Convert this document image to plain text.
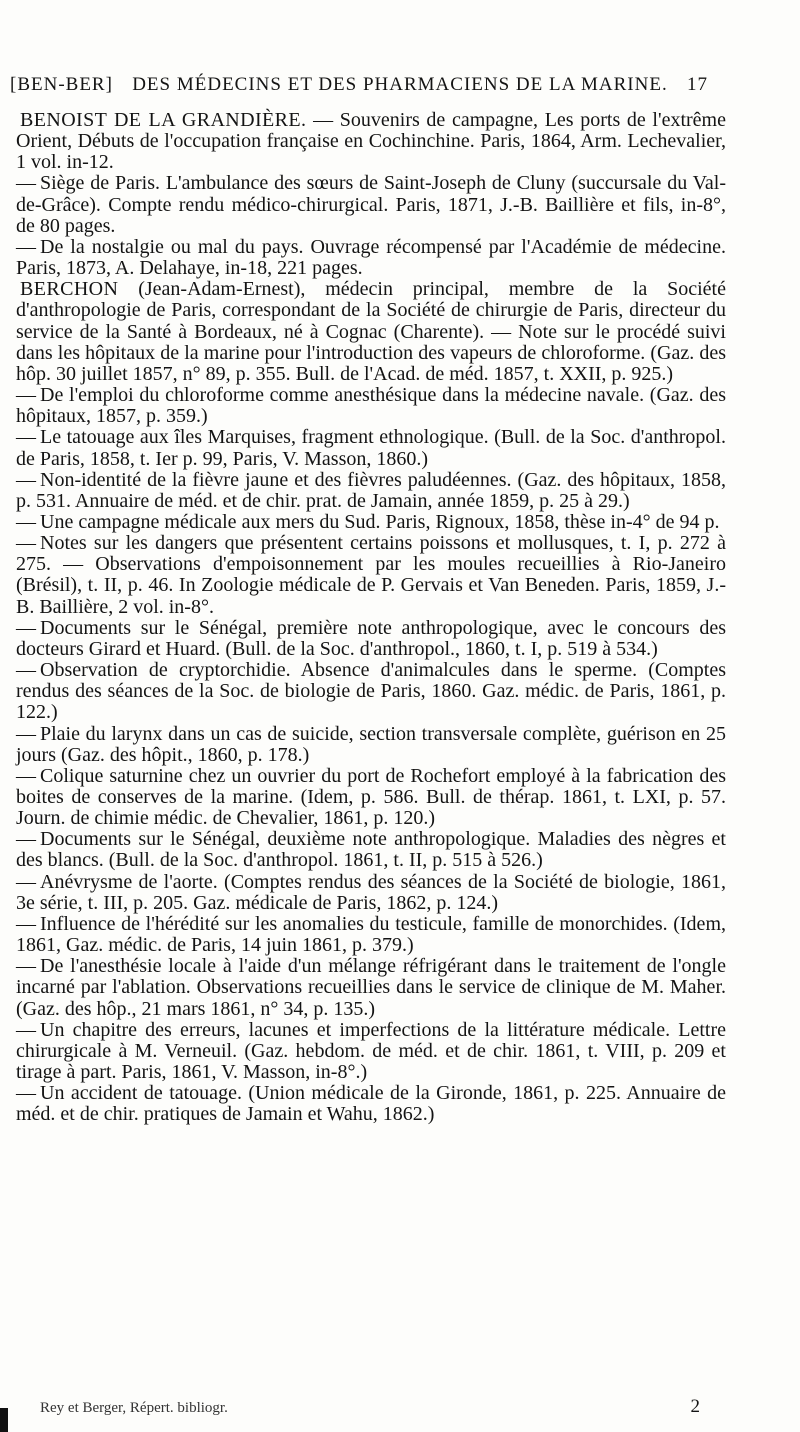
[BEN-BER]	DES MÉDECINS ET DES PHARMACIENS DE LA MARINE.	17

BENOIST DE LA GRANDIÈRE. — Souvenirs de campagne, Les ports de l'extrême Orient, Débuts de l'occupation française en Cochinchine. Paris, 1864, Arm. Lechevalier, 1 vol. in-12.

— Siège de Paris. L'ambulance des sœurs de Saint-Joseph de Cluny (succursale du Val-de-Grâce). Compte rendu médico-chirurgical. Paris, 1871, J.-B. Baillière et fils, in-8°, de 80 pages.

— De la nostalgie ou mal du pays. Ouvrage récompensé par l'Académie de médecine. Paris, 1873, A. Delahaye, in-18, 221 pages.

BERCHON (Jean-Adam-Ernest), médecin principal, membre de la Société d'anthropologie de Paris, correspondant de la Société de chirurgie de Paris, directeur du service de la Santé à Bordeaux, né à Cognac (Charente). — Note sur le procédé suivi dans les hôpitaux de la marine pour l'introduction des vapeurs de chloroforme. (Gaz. des hôp. 30 juillet 1857, n° 89, p. 355. Bull. de l'Acad. de méd. 1857, t. XXII, p. 925.)

— De l'emploi du chloroforme comme anesthésique dans la médecine navale. (Gaz. des hôpitaux, 1857, p. 359.)

— Le tatouage aux îles Marquises, fragment ethnologique. (Bull. de la Soc. d'anthropol. de Paris, 1858, t. Ier p. 99, Paris, V. Masson, 1860.)

— Non-identité de la fièvre jaune et des fièvres paludéennes. (Gaz. des hôpitaux, 1858, p. 531. Annuaire de méd. et de chir. prat. de Jamain, année 1859, p. 25 à 29.)

— Une campagne médicale aux mers du Sud. Paris, Rignoux, 1858, thèse in-4° de 94 p.

— Notes sur les dangers que présentent certains poissons et mollusques, t. I, p. 272 à 275. — Observations d'empoisonnement par les moules recueillies à Rio-Janeiro (Brésil), t. II, p. 46. In Zoologie médicale de P. Gervais et Van Beneden. Paris, 1859, J.-B. Baillière, 2 vol. in-8°.

— Documents sur le Sénégal, première note anthropologique, avec le concours des docteurs Girard et Huard. (Bull. de la Soc. d'anthropol., 1860, t. I, p. 519 à 534.)

— Observation de cryptorchidie. Absence d'animalcules dans le sperme. (Comptes rendus des séances de la Soc. de biologie de Paris, 1860. Gaz. médic. de Paris, 1861, p. 122.)

— Plaie du larynx dans un cas de suicide, section transversale complète, guérison en 25 jours (Gaz. des hôpit., 1860, p. 178.)

— Colique saturnine chez un ouvrier du port de Rochefort employé à la fabrication des boites de conserves de la marine. (Idem, p. 586. Bull. de thérap. 1861, t. LXI, p. 57. Journ. de chimie médic. de Chevalier, 1861, p. 120.)

— Documents sur le Sénégal, deuxième note anthropologique. Maladies des nègres et des blancs. (Bull. de la Soc. d'anthropol. 1861, t. II, p. 515 à 526.)

— Anévrysme de l'aorte. (Comptes rendus des séances de la Société de biologie, 1861, 3e série, t. III, p. 205. Gaz. médicale de Paris, 1862, p. 124.)

— Influence de l'hérédité sur les anomalies du testicule, famille de monorchides. (Idem, 1861, Gaz. médic. de Paris, 14 juin 1861, p. 379.)

— De l'anesthésie locale à l'aide d'un mélange réfrigérant dans le traitement de l'ongle incarné par l'ablation. Observations recueillies dans le service de clinique de M. Maher. (Gaz. des hôp., 21 mars 1861, n° 34, p. 135.)

— Un chapitre des erreurs, lacunes et imperfections de la littérature médicale. Lettre chirurgicale à M. Verneuil. (Gaz. hebdom. de méd. et de chir. 1861, t. VIII, p. 209 et tirage à part. Paris, 1861, V. Masson, in-8°.)

— Un accident de tatouage. (Union médicale de la Gironde, 1861, p. 225. Annuaire de méd. et de chir. pratiques de Jamain et Wahu, 1862.)

Rey et Berger, Répert. bibliogr.	2
